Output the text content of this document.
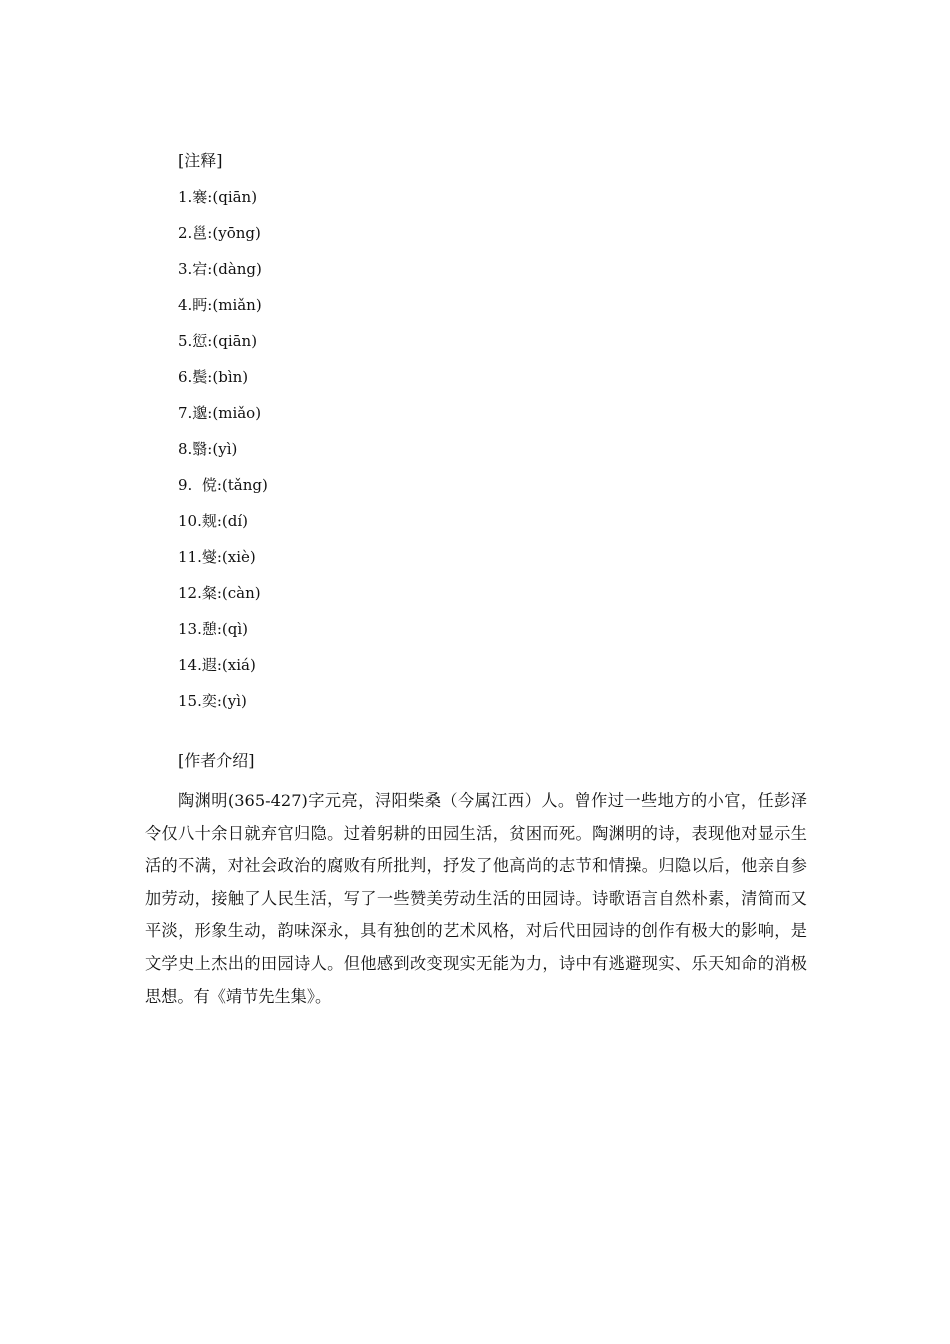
[注释]
1.褰:(qiān)
2.邕:(yōng)
3.宕:(dàng)
4.眄:(miǎn)
5.愆:(qiān)
6.鬓:(bìn)
7.邈:(miǎo)
8.翳:(yì)
9.  傥:(tǎng)
10.觌:(dí)
11.燮:(xiè)
12.粲:(càn)
13.憩:(qì)
14.遐:(xiá)
15.奕:(yì)
[作者介绍]

陶渊明(365-427)字元亮，浔阳柴桑（今属江西）人。曾作过一些地方的小官，任彭泽令仅八十余日就弃官归隐。过着躬耕的田园生活，贫困而死。陶渊明的诗，表现他对显示生活的不满，对社会政治的腐败有所批判，抒发了他高尚的志节和情操。归隐以后，他亲自参加劳动，接触了人民生活，写了一些赞美劳动生活的田园诗。诗歌语言自然朴素，清简而又平淡，形象生动，韵味深永，具有独创的艺术风格，对后代田园诗的创作有极大的影响，是文学史上杰出的田园诗人。但他感到改变现实无能为力，诗中有逃避现实、乐天知命的消极思想。有《靖节先生集》。
